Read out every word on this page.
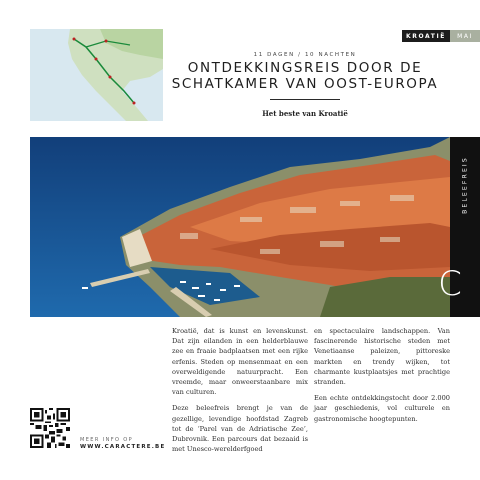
KROATIË	MAI
11 DAGEN / 10 NACHTEN
ONTDEKKINGSREIS DOOR DE
SCHATKAMER VAN OOST-EUROPA
Het beste van Kroatië
BELEEFREIS
C

Kroatië, dat is kunst en levenskunst. Dat zijn eilanden in een helderblauwe zee en fraaie badplaatsen met een rijke erfenis. Steden op mensenmaat en een overweldigende natuurpracht. Een vreemde, maar onweerstaanbare mix van culturen.

Deze beleefreis brengt je van de gezellige, levendige hoofdstad Zagreb tot de ‘Parel van de Adriatische Zee’, Dubrovnik. Een parcours dat bezaaid is met Unesco-werelderfgoed

en spectaculaire landschappen. Van fascinerende historische steden met Venetiaanse paleizen, pittoreske markten en trendy wijken, tot charmante kustplaatsjes met prachtige stranden.

Een echte ontdekkingstocht door 2.000 jaar geschiedenis, vol culturele en gastronomische hoogtepunten.

MEER INFO OP
WWW.CARACTERE.BE
